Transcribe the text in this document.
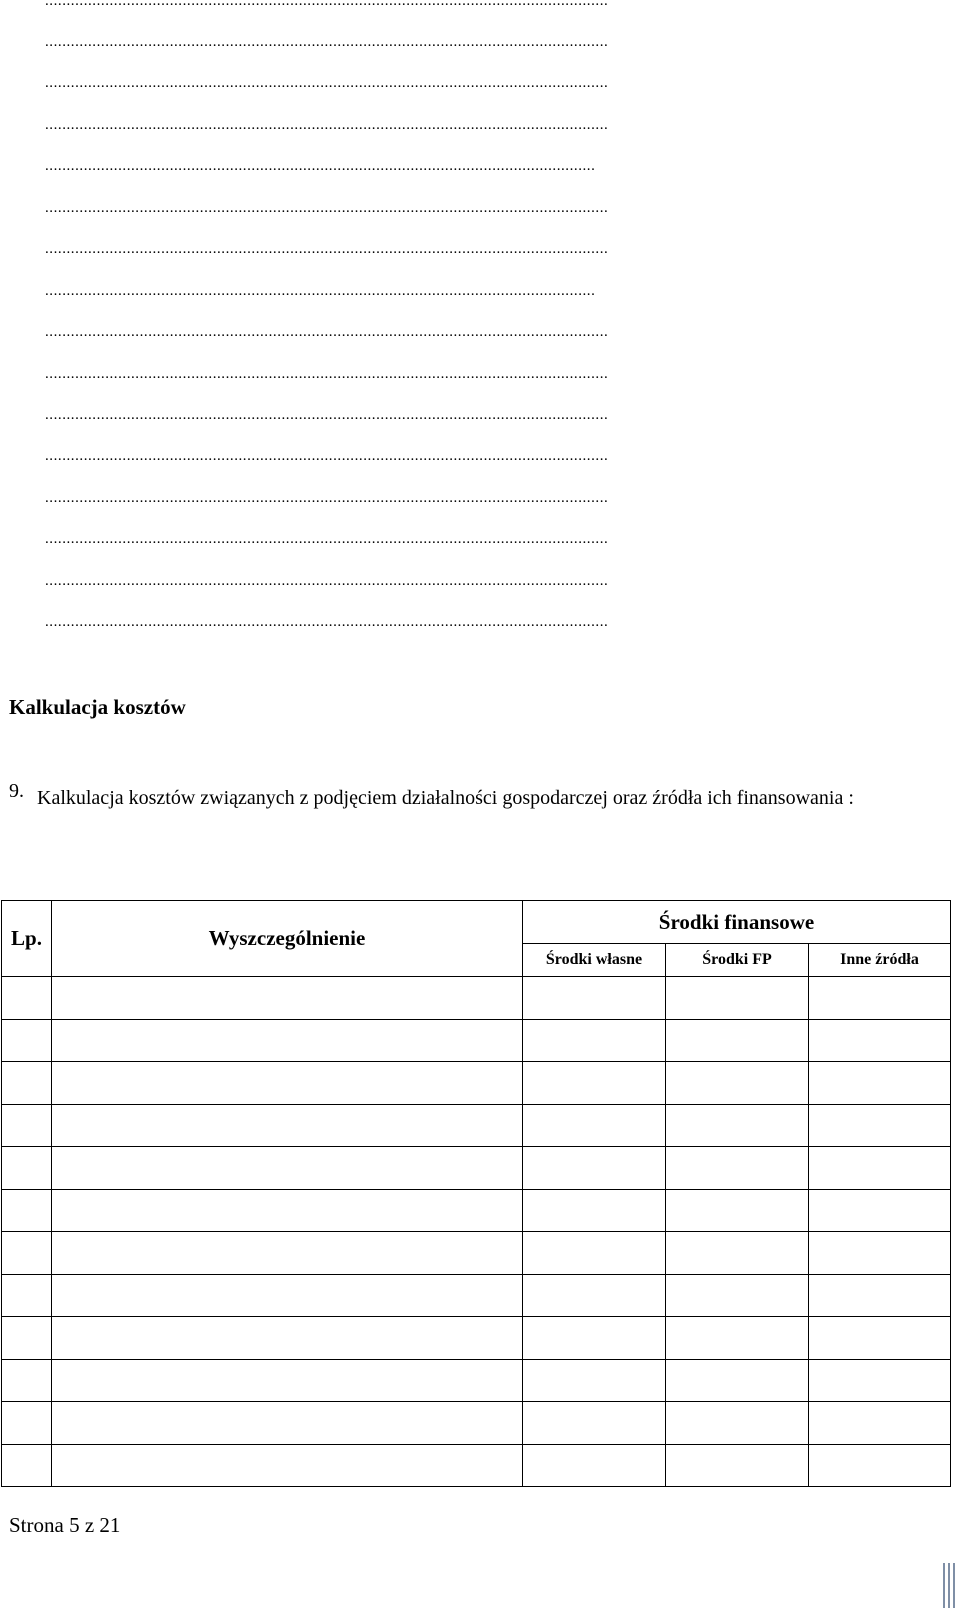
...................................................................................................................................
...................................................................................................................................
...................................................................................................................................
...................................................................................................................................
................................................................................................................................
...................................................................................................................................
...................................................................................................................................
................................................................................................................................
...................................................................................................................................
...................................................................................................................................
...................................................................................................................................
...................................................................................................................................
...................................................................................................................................
...................................................................................................................................
...................................................................................................................................
...................................................................................................................................
Kalkulacja kosztów
9. Kalkulacja kosztów związanych z podjęciem działalności gospodarczej oraz źródła ich finansowania :
Lp.	Wyszczególnienie	Środki finansowe		
		Środki własne	Środki FP	Inne źródła

Strona 5 z 21
